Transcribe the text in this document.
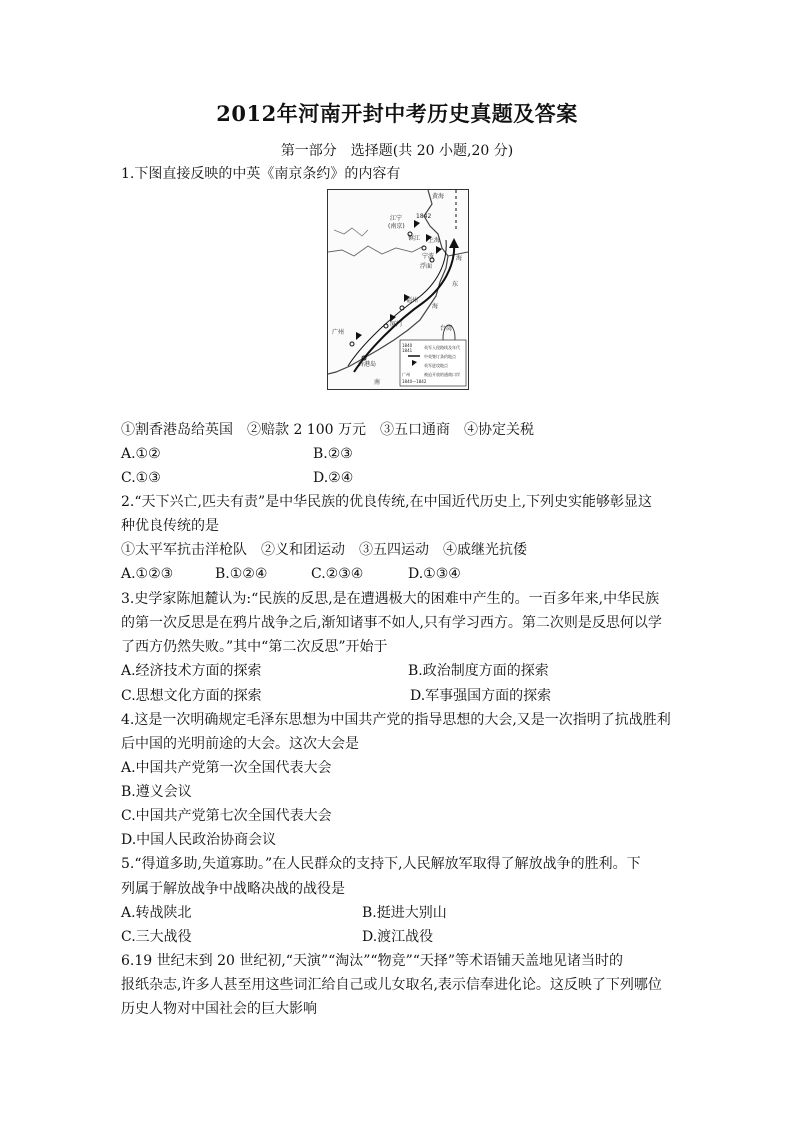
2012年河南开封中考历史真题及答案
第一部分　选择题(共 20 小题,20 分)
1.下图直接反映的中英《南京条约》的内容有
黄海
江宁
(南京)
1842
镇江 上海
宁波
浮面
海
福州
厦门
广州
香港岛
东
南
海
台湾
1840
1841
广州
英军入侵路线及年代
中英签订条约地点
英军进攻地点
被迫开放的通商口岸
1840—1842
①割香港岛给英国　②赔款 2 100 万元　③五口通商　④协定关税
A.①②	B.②③
C.①③	D.②④
2.“天下兴亡,匹夫有责”是中华民族的优良传统,在中国近代历史上,下列史实能够彰显这
种优良传统的是
①太平军抗击洋枪队　②义和团运动　③五四运动　④戚继光抗倭
A.①②③	B.①②④	C.②③④	D.①③④
3.史学家陈旭麓认为:“民族的反思,是在遭遇极大的困难中产生的。一百多年来,中华民族
的第一次反思是在鸦片战争之后,渐知诸事不如人,只有学习西方。第二次则是反思何以学
了西方仍然失败。”其中“第二次反思”开始于
A.经济技术方面的探索	B.政治制度方面的探索
C.思想文化方面的探索	D.军事强国方面的探索
4.这是一次明确规定毛泽东思想为中国共产党的指导思想的大会,又是一次指明了抗战胜利
后中国的光明前途的大会。这次大会是
A.中国共产党第一次全国代表大会
B.遵义会议
C.中国共产党第七次全国代表大会
D.中国人民政治协商会议
5.“得道多助,失道寡助。”在人民群众的支持下,人民解放军取得了解放战争的胜利。下
列属于解放战争中战略决战的战役是
A.转战陕北	B.挺进大别山
C.三大战役	D.渡江战役
6.19 世纪末到 20 世纪初,“天演”“淘汰”“物竞”“天择”等术语铺天盖地见诸当时的
报纸杂志,许多人甚至用这些词汇给自己或儿女取名,表示信奉进化论。这反映了下列哪位
历史人物对中国社会的巨大影响
